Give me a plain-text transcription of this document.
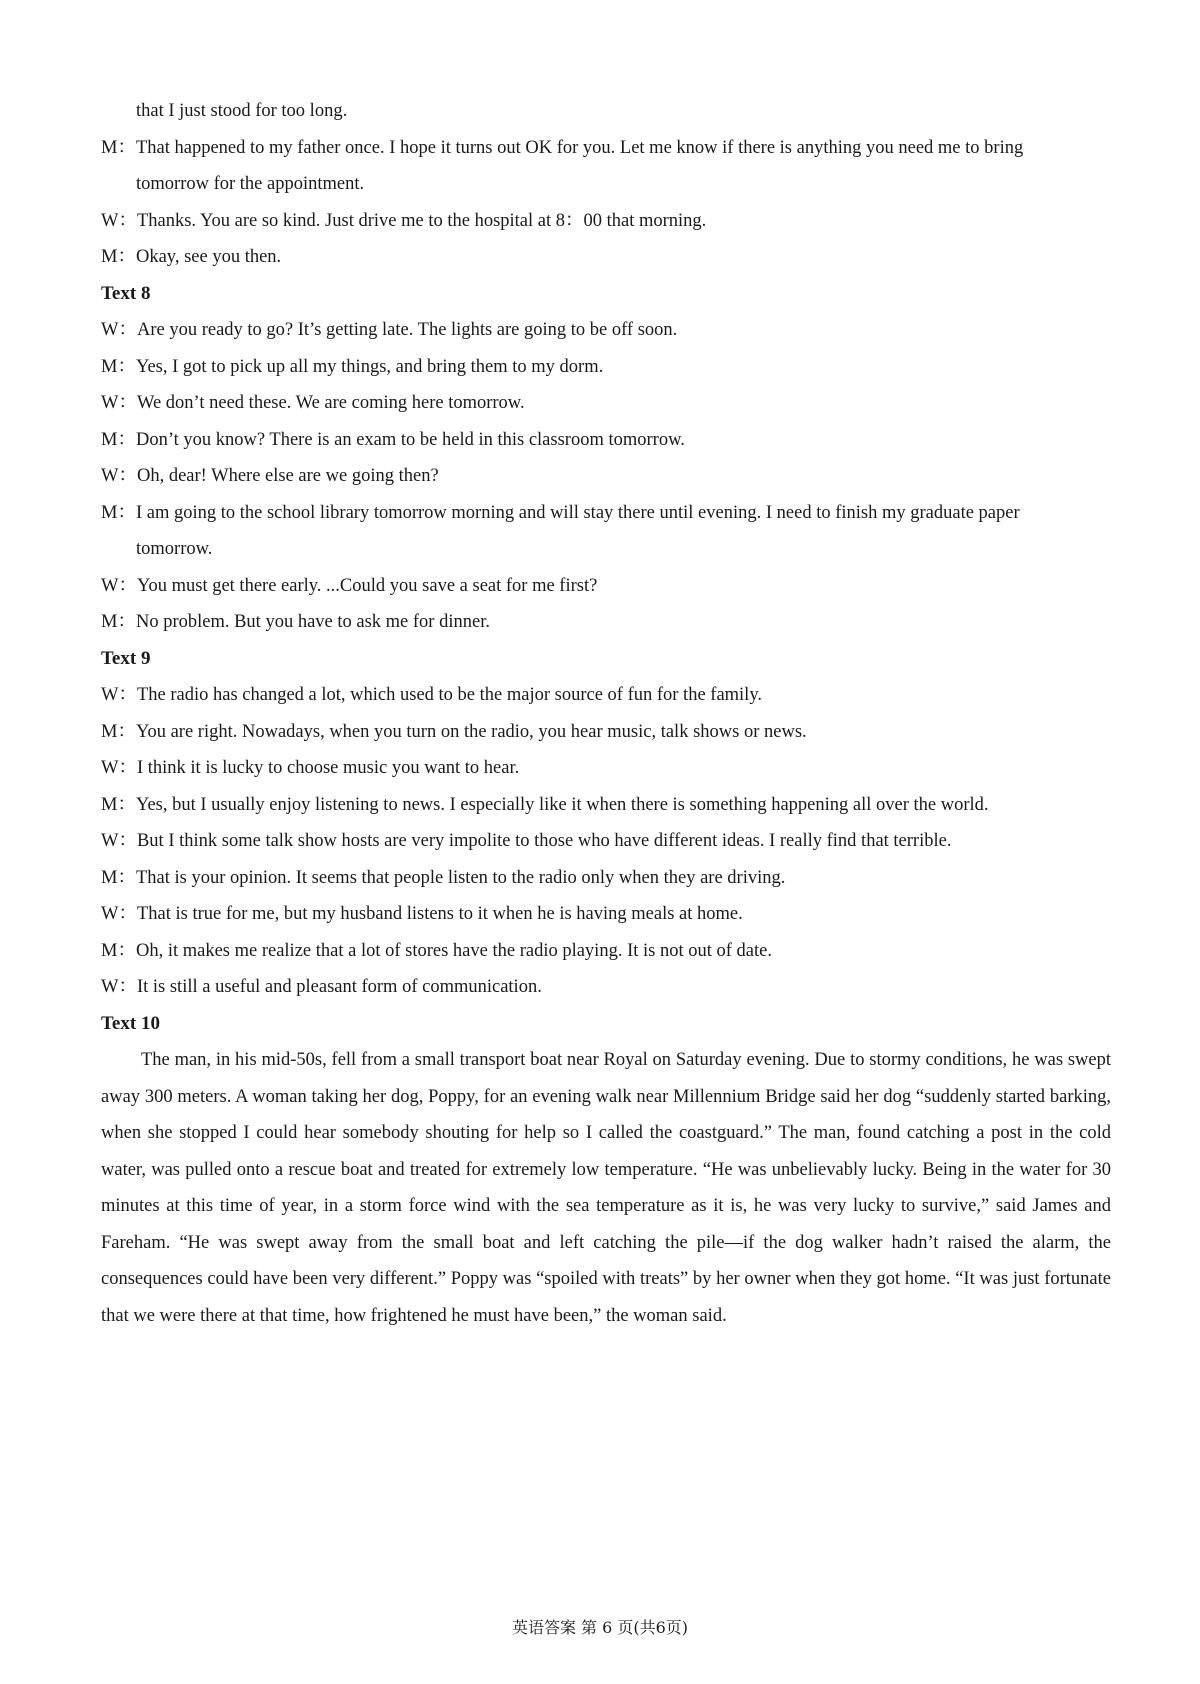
that I just stood for too long.
M：That happened to my father once. I hope it turns out OK for you. Let me know if there is anything you need me to bring
tomorrow for the appointment.
W：Thanks. You are so kind. Just drive me to the hospital at 8：00 that morning.
M：Okay, see you then.
Text 8
W：Are you ready to go? It’s getting late. The lights are going to be off soon.
M：Yes, I got to pick up all my things, and bring them to my dorm.
W：We don’t need these. We are coming here tomorrow.
M：Don’t you know? There is an exam to be held in this classroom tomorrow.
W：Oh, dear! Where else are we going then?
M：I am going to the school library tomorrow morning and will stay there until evening. I need to finish my graduate paper
tomorrow.
W：You must get there early. ...Could you save a seat for me first?
M：No problem. But you have to ask me for dinner.
Text 9
W：The radio has changed a lot, which used to be the major source of fun for the family.
M：You are right. Nowadays, when you turn on the radio, you hear music, talk shows or news.
W：I think it is lucky to choose music you want to hear.
M：Yes, but I usually enjoy listening to news. I especially like it when there is something happening all over the world.
W：But I think some talk show hosts are very impolite to those who have different ideas. I really find that terrible.
M：That is your opinion. It seems that people listen to the radio only when they are driving.
W：That is true for me, but my husband listens to it when he is having meals at home.
M：Oh, it makes me realize that a lot of stores have the radio playing. It is not out of date.
W：It is still a useful and pleasant form of communication.
Text 10

The man, in his mid-50s, fell from a small transport boat near Royal on Saturday evening. Due to stormy conditions, he was swept away 300 meters. A woman taking her dog, Poppy, for an evening walk near Millennium Bridge said her dog “suddenly started barking, when she stopped I could hear somebody shouting for help so I called the coastguard.” The man, found catching a post in the cold water, was pulled onto a rescue boat and treated for extremely low temperature. “He was unbelievably lucky. Being in the water for 30 minutes at this time of year, in a storm force wind with the sea temperature as it is, he was very lucky to survive,” said James and Fareham. “He was swept away from the small boat and left catching the pile—if the dog walker hadn’t raised the alarm, the consequences could have been very different.” Poppy was “spoiled with treats” by her owner when they got home. “It was just fortunate that we were there at that time, how frightened he must have been,” the woman said.

英语答案 第 6 页(共6页)
